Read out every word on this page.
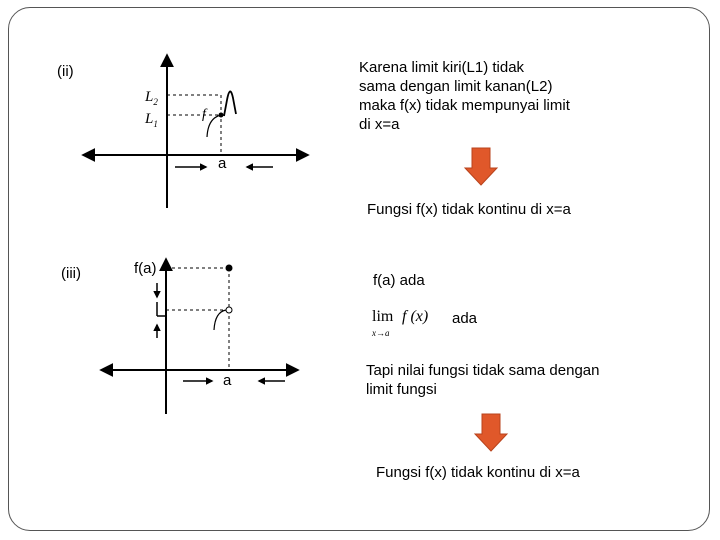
(ii)
$L_2$
$L_1$
f
a
Karena limit kiri(L1) tidak
sama dengan limit kanan(L2)
maka f(x) tidak mempunyai limit
di x=a
Fungsi f(x) tidak kontinu di x=a
(iii)	f(a)
a
f(a) ada
lim
x→a
f (x) ada
Tapi nilai fungsi tidak sama dengan
limit fungsi
Fungsi f(x) tidak kontinu di x=a
